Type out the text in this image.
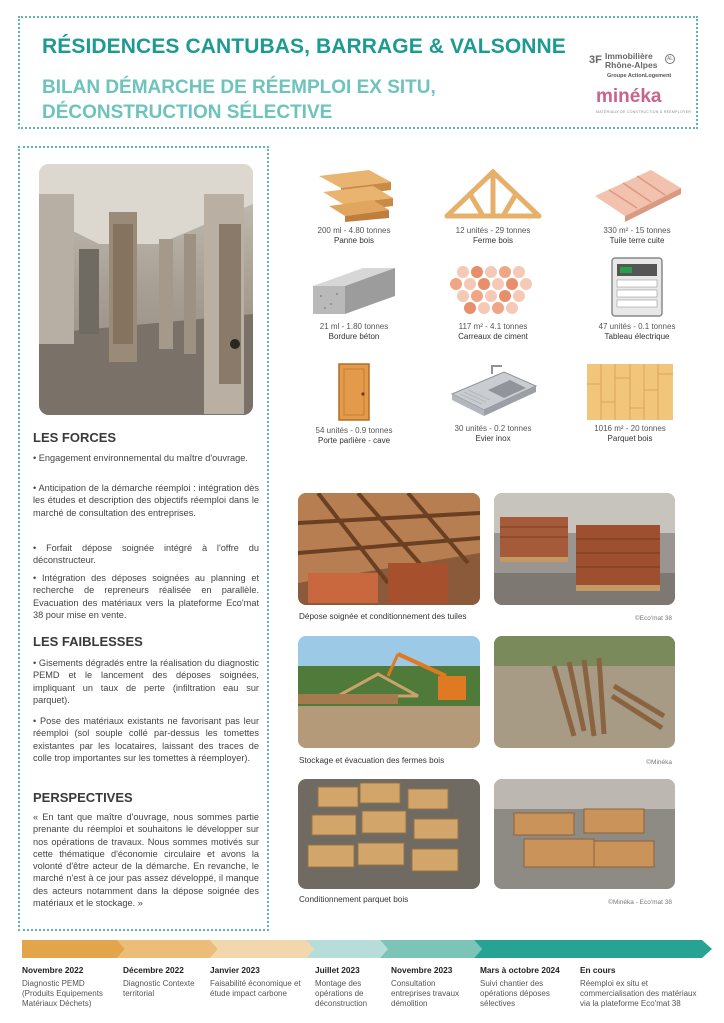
RÉSIDENCES CANTUBAS, BARRAGE & VALSONNE
BILAN DÉMARCHE DE RÉEMPLOI EX SITU, DÉCONSTRUCTION SÉLECTIVE
3F Immobilière Rhône-Alpes
AL
Groupe ActionLogement
minéka
MATÉRIAUX DE CONSTRUCTION À RÉEMPLOYER
LES FORCES
• Engagement environnemental du maître d'ouvrage.
• Anticipation de la démarche réemploi : intégration dès les études et description des objectifs réemploi dans le marché de consultation des entreprises.
• Forfait dépose soignée intégré à l'offre du déconstructeur.
• Intégration des déposes soignées au planning et recherche de repreneurs réalisée en parallèle. Evacuation des matériaux vers la plateforme Eco'mat 38 pour mise en vente.
LES FAIBLESSES
• Gisements dégradés entre la réalisation du diagnostic PEMD et le lancement des déposes soignées, impliquant un taux de perte (infiltration eau sur parquet).
• Pose des matériaux existants ne favorisant pas leur réemploi (sol souple collé par-dessus les tomettes existantes par les locataires, laissant des traces de colle trop importantes sur les tomettes à réemployer).
PERSPECTIVES
« En tant que maître d'ouvrage, nous sommes partie prenante du réemploi et souhaitons le développer sur nos opérations de travaux. Nous sommes motivés sur cette thématique d'économie circulaire et avons la volonté d'être acteur de la démarche. En revanche, le marché n'est à ce jour pas assez développé, il manque des acteurs notamment dans la dépose soignée des matériaux et le stockage. »
200 ml - 4.80 tonnes
Panne bois
12 unités - 29 tonnes
Ferme bois
330 m² - 15 tonnes
Tuile terre cuite
21 ml - 1.80 tonnes
Bordure béton
117 m² - 4.1 tonnes
Carreaux de ciment
47 unités - 0.1 tonnes
Tableau électrique
54 unités - 0.9 tonnes
Porte parlière - cave
30 unités - 0.2 tonnes
Evier inox
1016 m² - 20 tonnes
Parquet bois
Dépose soignée et conditionnement des tuiles	©Eco'mat 38
Stockage et évacuation des fermes bois	©Minéka
Conditionnement parquet bois	©Minéka - Eco'mat 38
Novembre 2022
Diagnostic PEMD (Produits Equipements Matériaux Déchets)
Décembre 2022
Diagnostic Contexte territorial
Janvier 2023
Faisabilité économique et étude impact carbone
Juillet 2023
Montage des opérations de déconstruction
Novembre 2023
Consultation entreprises travaux démolition
Mars à octobre 2024
Suivi chantier des opérations déposes sélectives
En cours
Réemploi ex situ et commercialisation des matériaux via la plateforme Eco'mat 38
